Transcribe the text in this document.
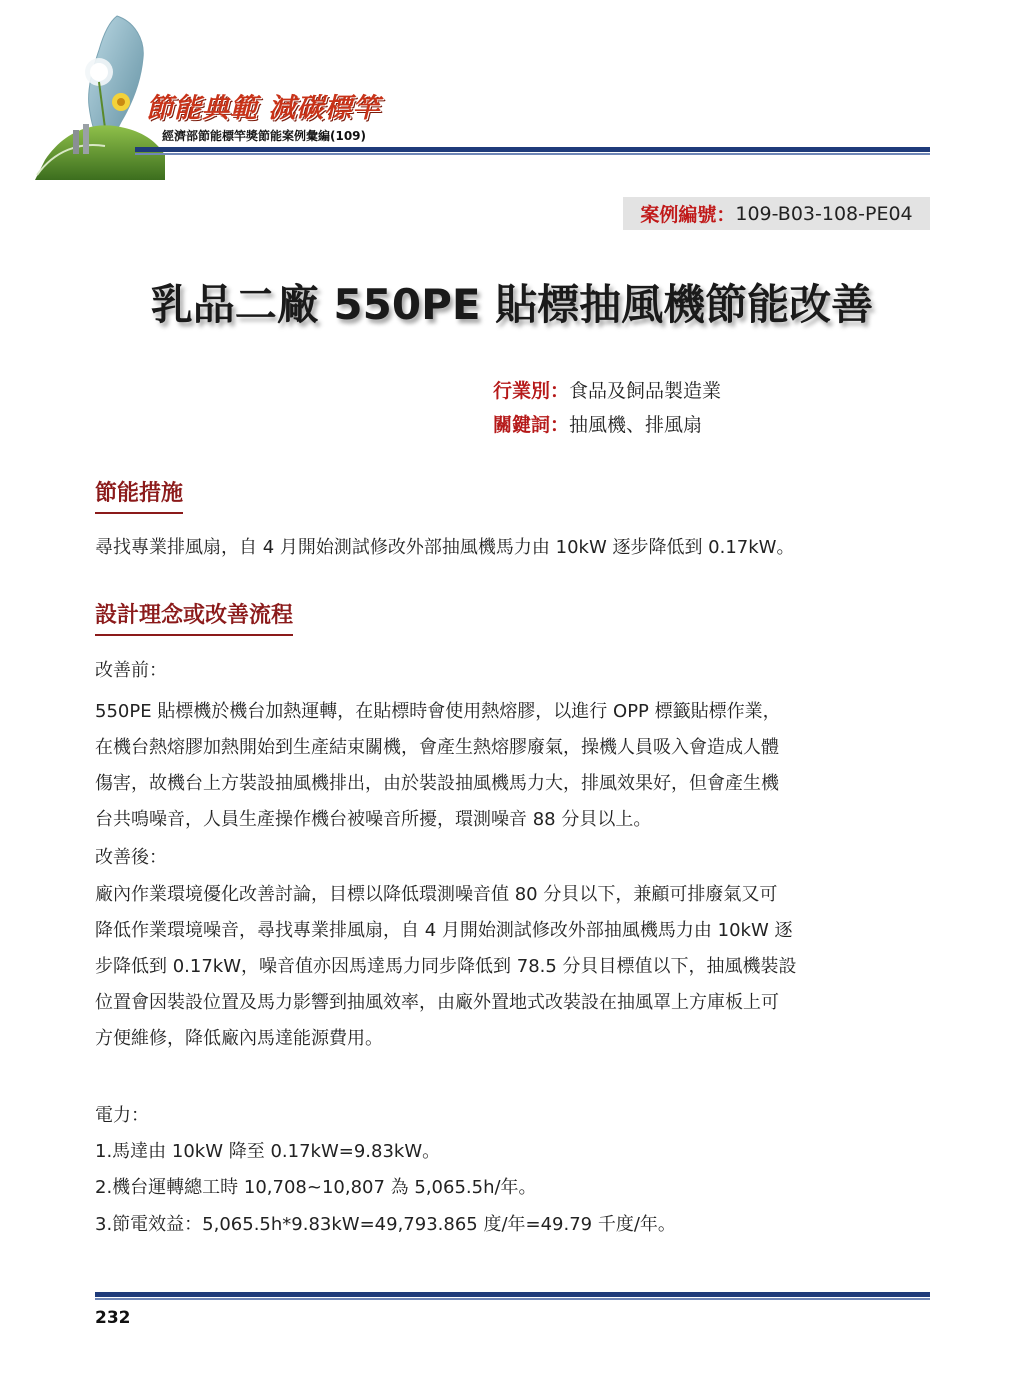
節能典範 減碳標竿
經濟部節能標竿獎節能案例彙編(109)
案例編號： 109-B03-108-PE04
乳品二廠 550PE 貼標抽風機節能改善
行業別：食品及飼品製造業
關鍵詞：抽風機、排風扇
節能措施
尋找專業排風扇，自 4 月開始測試修改外部抽風機馬力由 10kW 逐步降低到 0.17kW。
設計理念或改善流程
改善前：
550PE 貼標機於機台加熱運轉，在貼標時會使用熱熔膠，以進行 OPP 標籤貼標作業，
在機台熱熔膠加熱開始到生產結束關機，會產生熱熔膠廢氣，操機人員吸入會造成人體
傷害，故機台上方裝設抽風機排出，由於裝設抽風機馬力大，排風效果好，但會產生機
台共鳴噪音，人員生產操作機台被噪音所擾，環測噪音 88 分貝以上。
改善後：
廠內作業環境優化改善討論，目標以降低環測噪音值 80 分貝以下，兼顧可排廢氣又可
降低作業環境噪音，尋找專業排風扇，自 4 月開始測試修改外部抽風機馬力由 10kW 逐
步降低到 0.17kW，噪音值亦因馬達馬力同步降低到 78.5 分貝目標值以下，抽風機裝設
位置會因裝設位置及馬力影響到抽風效率，由廠外置地式改裝設在抽風罩上方庫板上可
方便維修，降低廠內馬達能源費用。
電力：
1.馬達由 10kW 降至 0.17kW=9.83kW。
2.機台運轉總工時 10,708~10,807 為 5,065.5h/年。
3.節電效益：5,065.5h*9.83kW=49,793.865 度/年=49.79 千度/年。
232
